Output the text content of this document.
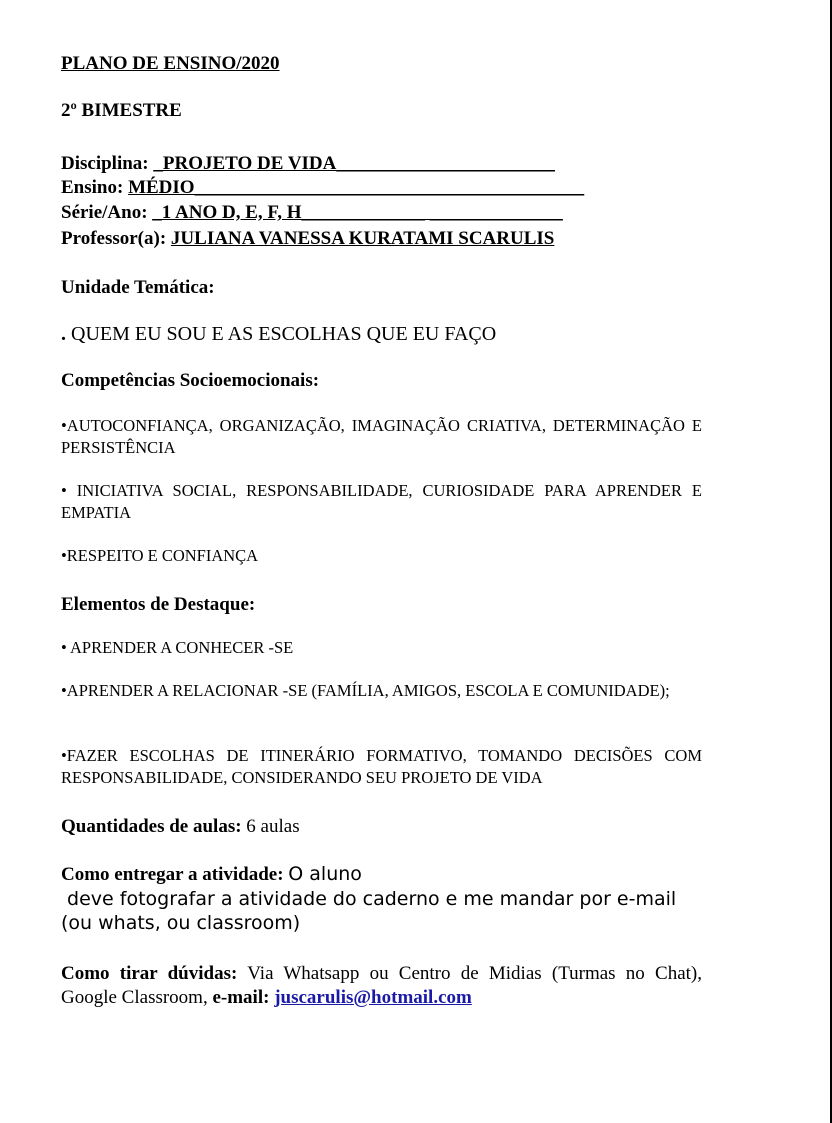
PLANO DE ENSINO/2020
2º BIMESTRE
Disciplina: _PROJETO DE VIDA_______________________
Ensino: MÉDIO_________________________________________
Série/Ano: _1 ANO D, E, F, H_____________ ______________
Professor(a): JULIANA VANESSA KURATAMI SCARULIS
Unidade Temática:
. QUEM EU SOU E AS ESCOLHAS QUE EU FAÇO
Competências Socioemocionais:
•AUTOCONFIANÇA, ORGANIZAÇÃO, IMAGINAÇÃO CRIATIVA, DETERMINAÇÃO E PERSISTÊNCIA
• INICIATIVA SOCIAL, RESPONSABILIDADE, CURIOSIDADE PARA APRENDER E EMPATIA
•RESPEITO E CONFIANÇA
Elementos de Destaque:
• APRENDER A CONHECER -SE
•APRENDER A RELACIONAR -SE (FAMÍLIA, AMIGOS, ESCOLA E COMUNIDADE);
•FAZER ESCOLHAS DE ITINERÁRIO FORMATIVO, TOMANDO DECISÕES COM RESPONSABILIDADE, CONSIDERANDO SEU PROJETO DE VIDA
Quantidades de aulas: 6 aulas
Como entregar a atividade: O aluno
deve fotografar a atividade do caderno e me mandar por e-mail (ou whats, ou classroom)
Como tirar dúvidas: Via Whatsapp ou Centro de Midias (Turmas no Chat), Google Classroom, e-mail: juscarulis@hotmail.com
